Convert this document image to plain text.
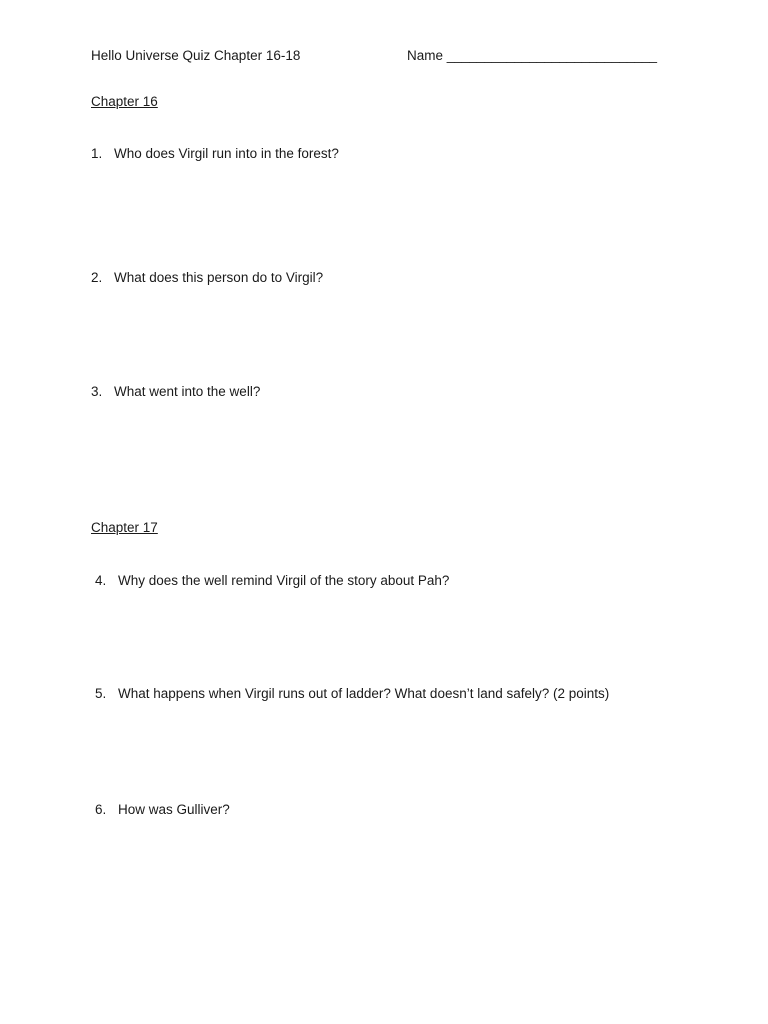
Hello Universe Quiz Chapter 16-18	Name ____________________________
Chapter 16
1. Who does Virgil run into in the forest?
2. What does this person do to Virgil?
3. What went into the well?
Chapter 17
4. Why does the well remind Virgil of the story about Pah?
5. What happens when Virgil runs out of ladder? What doesn’t land safely? (2 points)
6. How was Gulliver?
